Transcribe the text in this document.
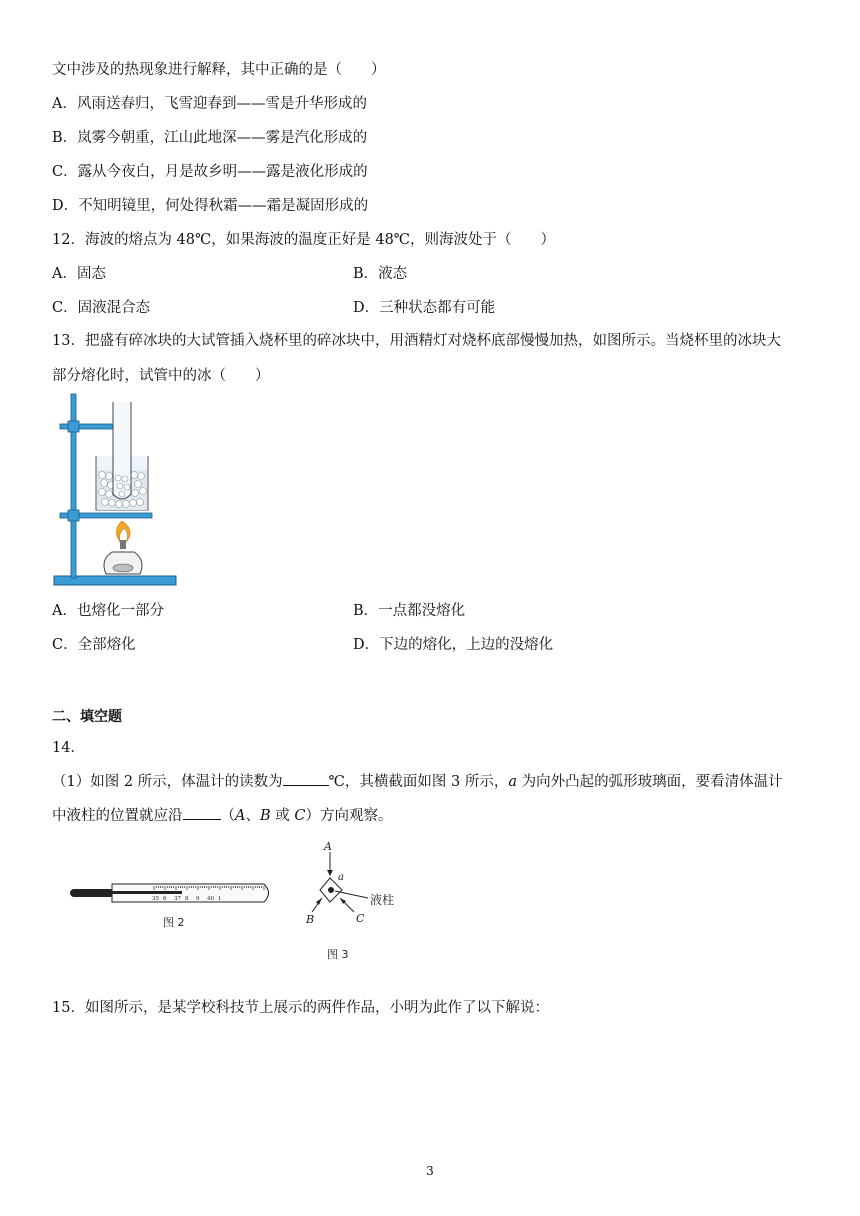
文中涉及的热现象进行解释，其中正确的是（　　）
A．风雨送春归，飞雪迎春到——雪是升华形成的
B．岚雾今朝重，江山此地深——雾是汽化形成的
C．露从今夜白，月是故乡明——露是液化形成的
D．不知明镜里，何处得秋霜——霜是凝固形成的
12．海波的熔点为 48℃，如果海波的温度正好是 48℃，则海波处于（　　）
A．固态	B．液态
C．固液混合态	D．三种状态都有可能
13．把盛有碎冰块的大试管插入烧杯里的碎冰块中，用酒精灯对烧杯底部慢慢加热，如图所示。当烧杯里的冰块大
部分熔化时，试管中的冰（　　）
A．也熔化一部分	B．一点都没熔化
C．全部熔化	D．下边的熔化，上边的没熔化
二、填空题
14．
（1）如图 2 所示，体温计的读数为	℃，其横截面如图 3 所示，a 为向外凸起的弧形玻璃面，要看清体温计
中液柱的位置就应沿	（A、B 或 C）方向观察。
35 6 37 8 9 40 1
图 2
A
a
B	C
液柱
图 3
15．如图所示，是某学校科技节上展示的两件作品，小明为此作了以下解说：
3
